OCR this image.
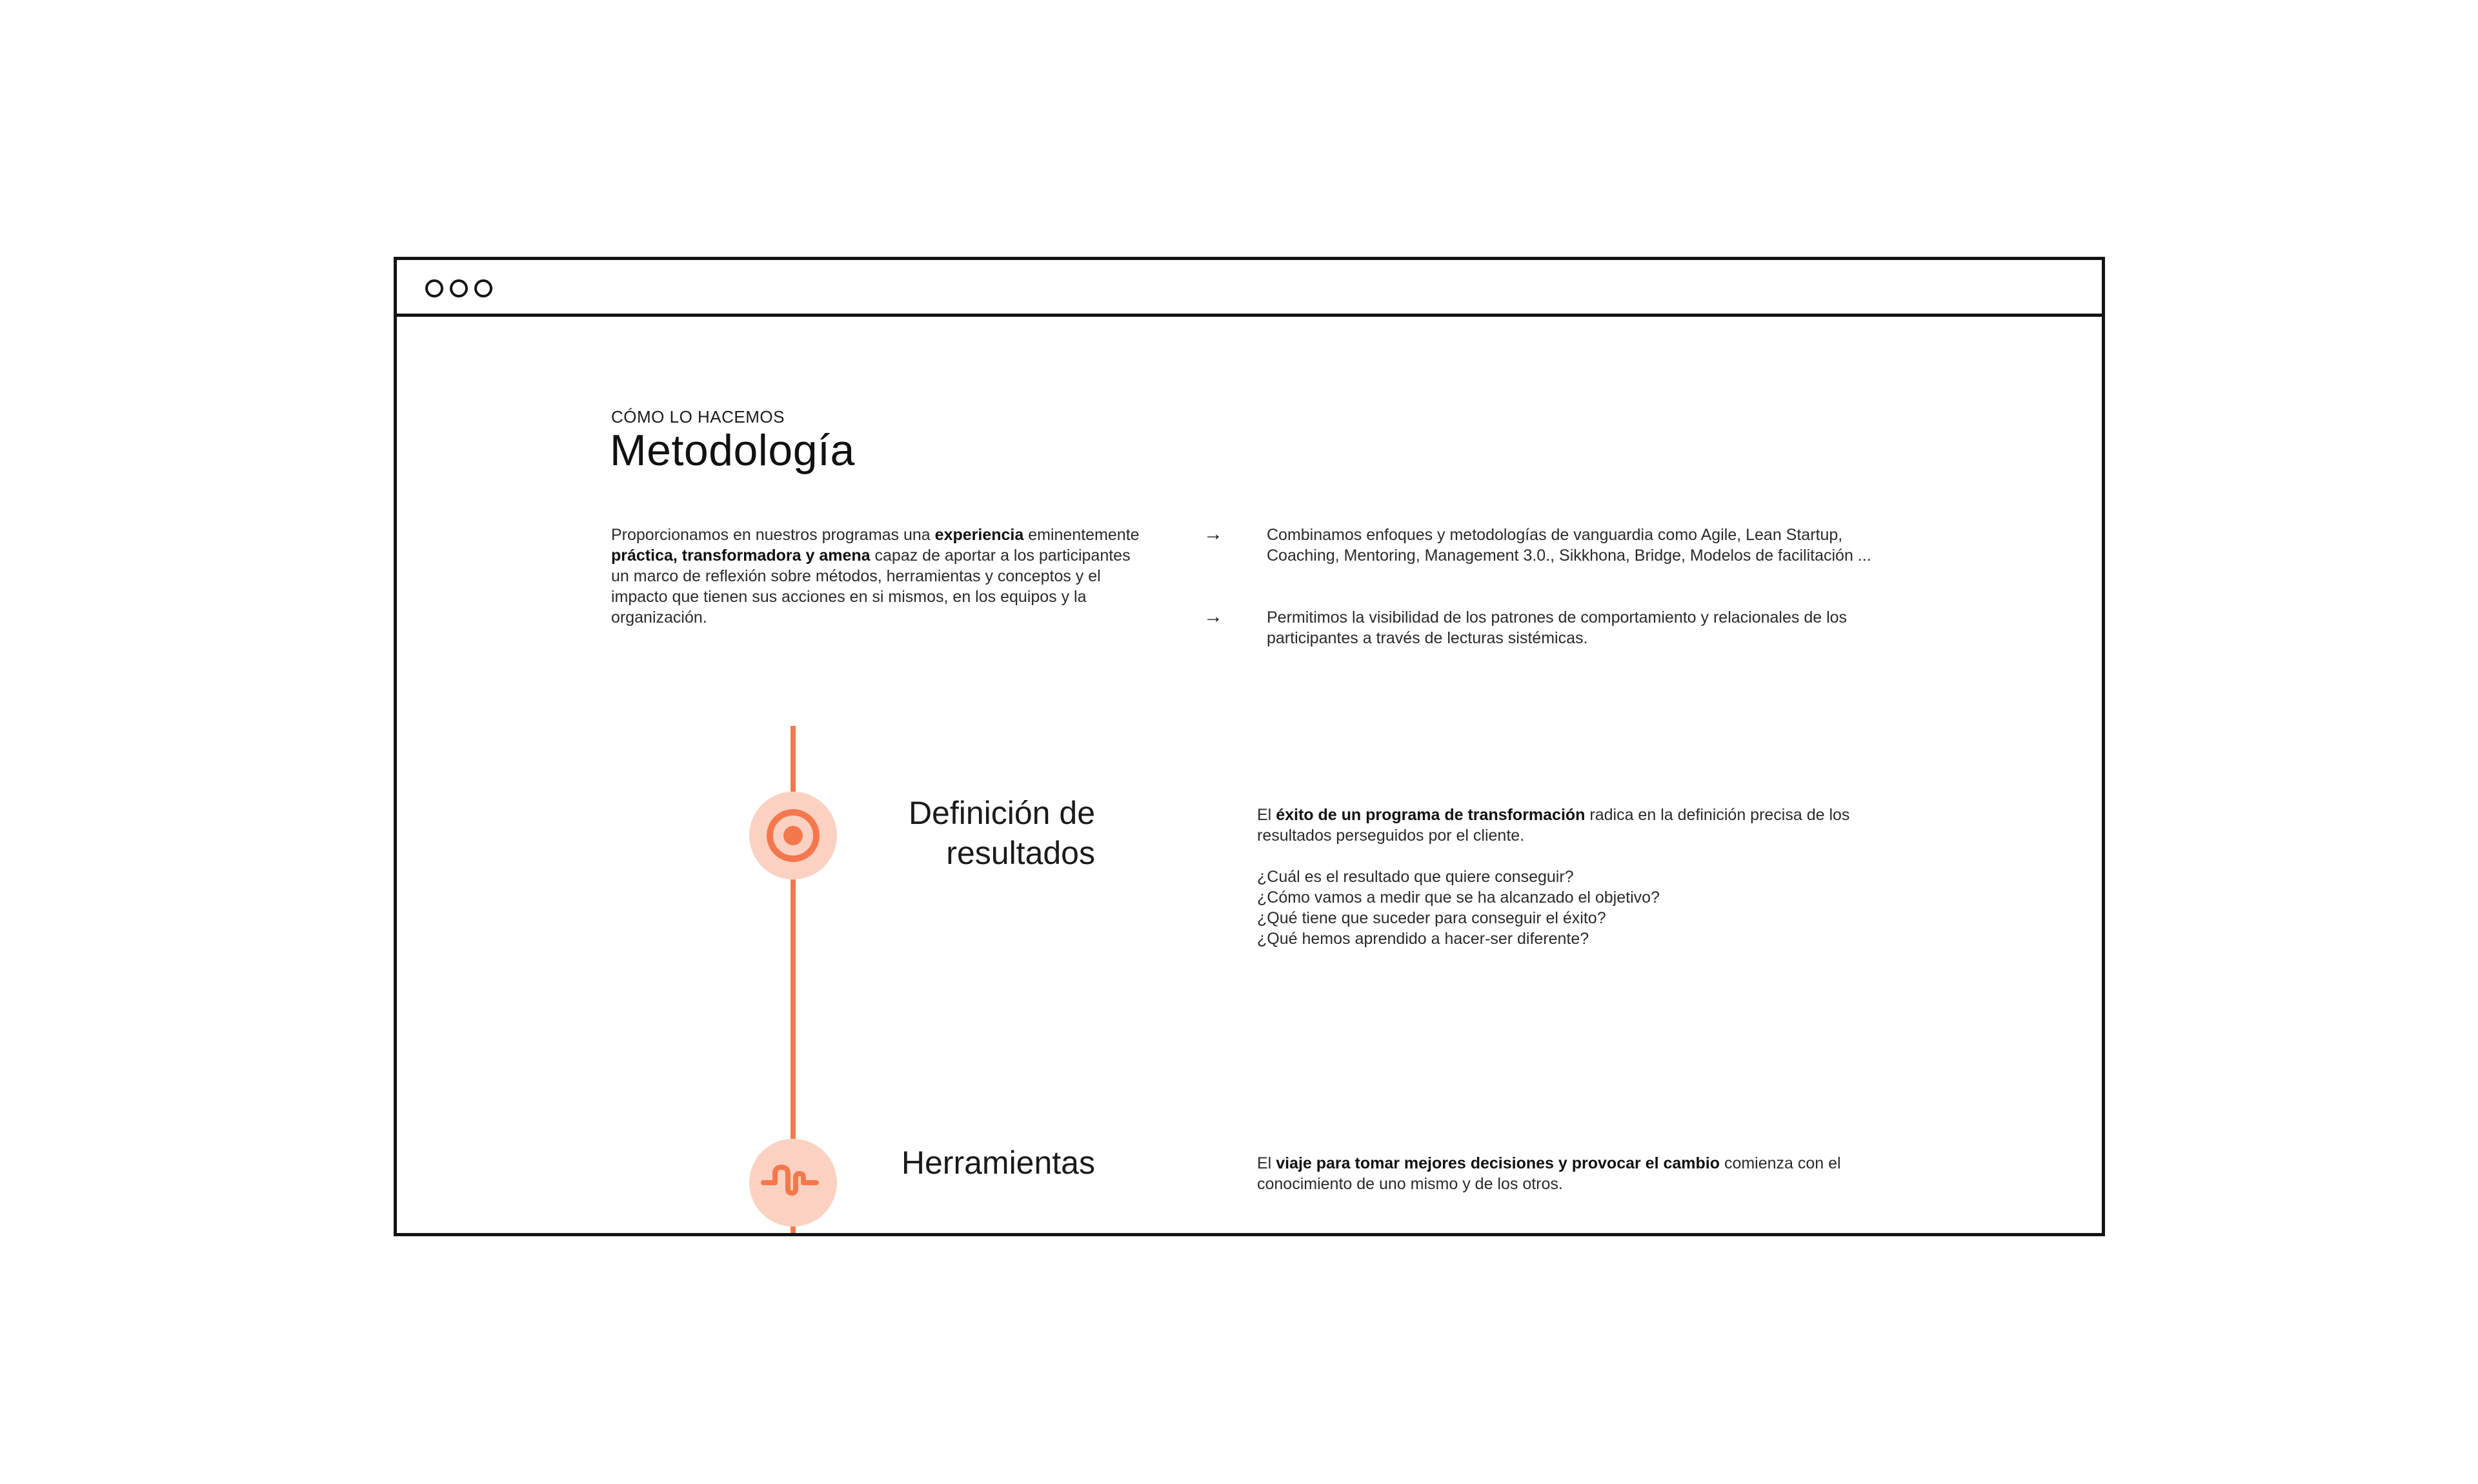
CÓMO LO HACEMOS
Metodología
Proporcionamos en nuestros programas una experiencia eminentemente práctica, transformadora y amena capaz de aportar a los participantes un marco de reflexión sobre métodos, herramientas y conceptos y el impacto que tienen sus acciones en si mismos, en los equipos y la organización.
→	Combinamos enfoques y metodologías de vanguardia como Agile, Lean Startup, Coaching, Mentoring, Management 3.0., Sikkhona, Bridge, Modelos de facilitación ...
→	Permitimos la visibilidad de los patrones de comportamiento y relacionales de los participantes a través de lecturas sistémicas.
Definición de
resultados

El éxito de un programa de transformación radica en la definición precisa de los resultados perseguidos por el cliente.

¿Cuál es el resultado que quiere conseguir?

¿Cómo vamos a medir que se ha alcanzado el objetivo?

¿Qué tiene que suceder para conseguir el éxito?

¿Qué hemos aprendido a hacer-ser diferente?

Herramientas	El viaje para tomar mejores decisiones y provocar el cambio comienza con el conocimiento de uno mismo y de los otros.
